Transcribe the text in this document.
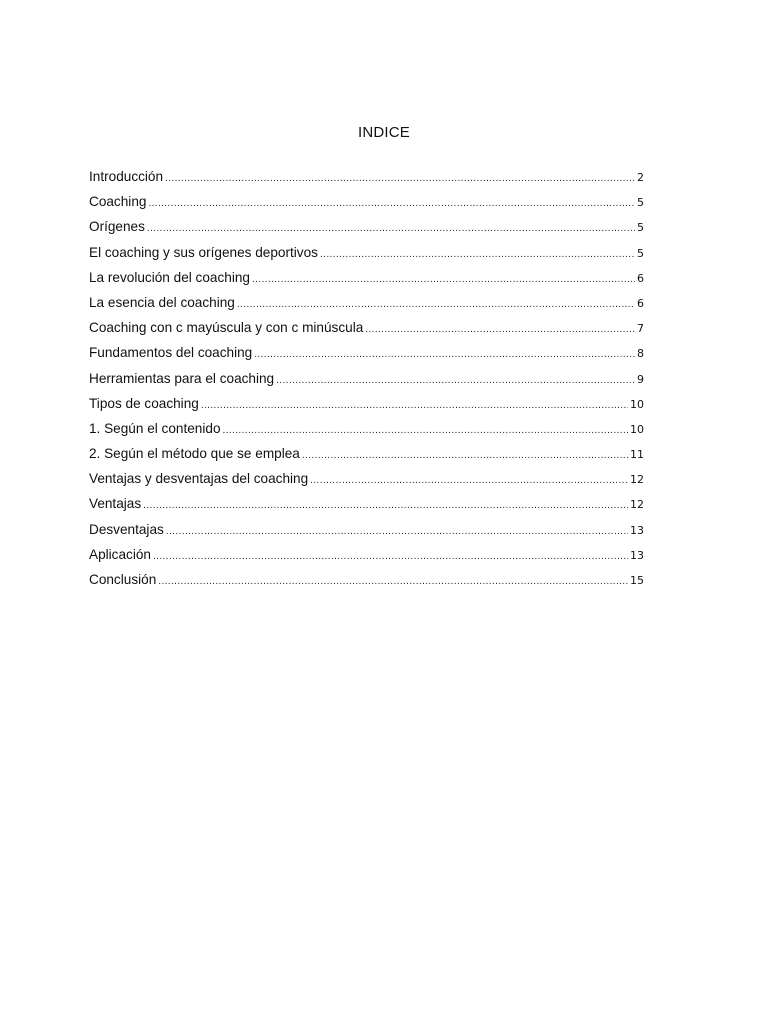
INDICE
Introducción .....	2
Coaching .....	5
Orígenes .....	5
El coaching y sus orígenes deportivos .....	5
La revolución del coaching .....	6
La esencia del coaching .....	6
Coaching con c mayúscula y con c minúscula .....	7
Fundamentos del coaching .....	8
Herramientas para el coaching .....	9
Tipos de coaching .....	10
1. Según el contenido .....	10
2. Según el método que se emplea .....	11
Ventajas y desventajas del coaching .....	12
Ventajas .....	12
Desventajas .....	13
Aplicación .....	13
Conclusión .....	15
